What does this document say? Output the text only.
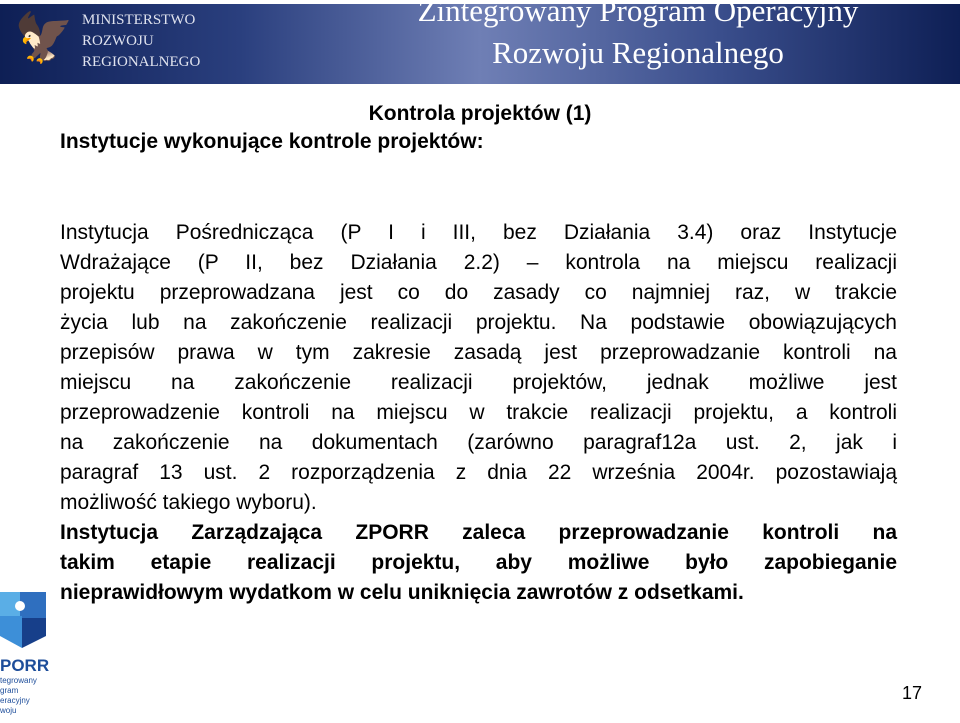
🦅 MINISTERSTWO
ROZWOJU
REGIONALNEGO
Zintegrowany Program Operacyjny
Rozwoju Regionalnego
Kontrola projektów (1)
Instytucje wykonujące kontrole projektów:
Instytucja Pośrednicząca (P I i III, bez Działania 3.4) oraz Instytucje
Wdrażające (P II, bez Działania 2.2) – kontrola na miejscu realizacji
projektu przeprowadzana jest co do zasady co najmniej raz, w trakcie
życia lub na zakończenie realizacji projektu. Na podstawie obowiązujących
przepisów prawa w tym zakresie zasadą jest przeprowadzanie kontroli na
miejscu na zakończenie realizacji projektów, jednak możliwe jest
przeprowadzenie kontroli na miejscu w trakcie realizacji projektu, a kontroli
na zakończenie na dokumentach (zarówno paragraf12a ust. 2, jak i
paragraf 13 ust. 2 rozporządzenia z dnia 22 września 2004r. pozostawiają
możliwość takiego wyboru).
Instytucja Zarządzająca ZPORR zaleca przeprowadzanie kontroli na
takim etapie realizacji projektu, aby możliwe było zapobieganie
nieprawidłowym wydatkom w celu uniknięcia zawrotów z odsetkami.
PORR
tegrowany
gram
eracyjny
woju
17
